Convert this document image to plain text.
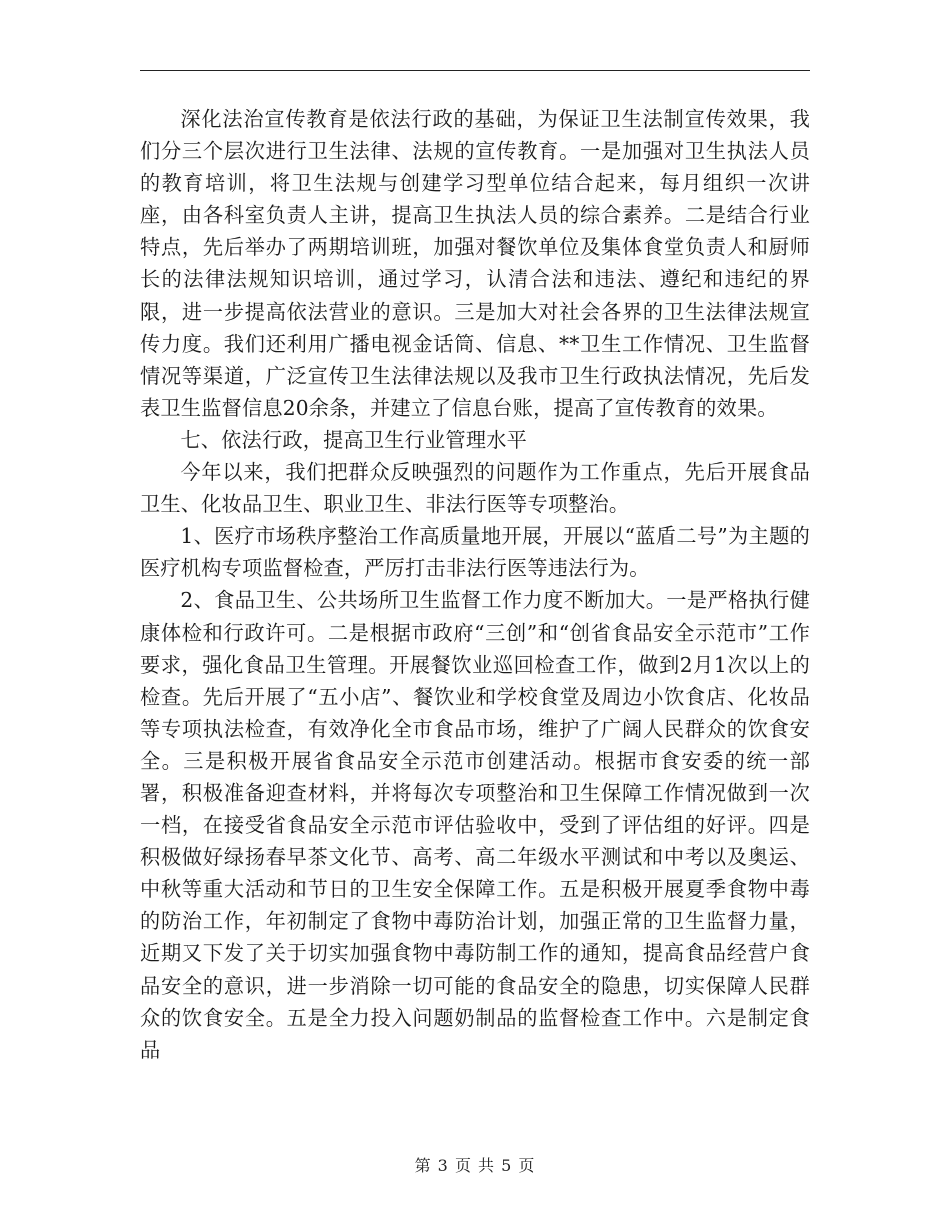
深化法治宣传教育是依法行政的基础，为保证卫生法制宣传效果，我们分三个层次进行卫生法律、法规的宣传教育。一是加强对卫生执法人员的教育培训，将卫生法规与创建学习型单位结合起来，每月组织一次讲座，由各科室负责人主讲，提高卫生执法人员的综合素养。二是结合行业特点，先后举办了两期培训班，加强对餐饮单位及集体食堂负责人和厨师长的法律法规知识培训，通过学习，认清合法和违法、遵纪和违纪的界限，进一步提高依法营业的意识。三是加大对社会各界的卫生法律法规宣传力度。我们还利用广播电视金话筒、信息、**卫生工作情况、卫生监督情况等渠道，广泛宣传卫生法律法规以及我市卫生行政执法情况，先后发表卫生监督信息20余条，并建立了信息台账，提高了宣传教育的效果。

七、依法行政，提高卫生行业管理水平

今年以来，我们把群众反映强烈的问题作为工作重点，先后开展食品卫生、化妆品卫生、职业卫生、非法行医等专项整治。

1、医疗市场秩序整治工作高质量地开展，开展以“蓝盾二号”为主题的医疗机构专项监督检查，严厉打击非法行医等违法行为。

2、食品卫生、公共场所卫生监督工作力度不断加大。一是严格执行健康体检和行政许可。二是根据市政府“三创”和“创省食品安全示范市”工作要求，强化食品卫生管理。开展餐饮业巡回检查工作，做到2月1次以上的检查。先后开展了“五小店”、餐饮业和学校食堂及周边小饮食店、化妆品等专项执法检查，有效净化全市食品市场，维护了广阔人民群众的饮食安全。三是积极开展省食品安全示范市创建活动。根据市食安委的统一部署，积极准备迎查材料，并将每次专项整治和卫生保障工作情况做到一次一档，在接受省食品安全示范市评估验收中，受到了评估组的好评。四是积极做好绿扬春早茶文化节、高考、高二年级水平测试和中考以及奥运、中秋等重大活动和节日的卫生安全保障工作。五是积极开展夏季食物中毒的防治工作，年初制定了食物中毒防治计划，加强正常的卫生监督力量，近期又下发了关于切实加强食物中毒防制工作的通知，提高食品经营户食品安全的意识，进一步消除一切可能的食品安全的隐患，切实保障人民群众的饮食安全。五是全力投入问题奶制品的监督检查工作中。六是制定食品

第 3 页 共 5 页
